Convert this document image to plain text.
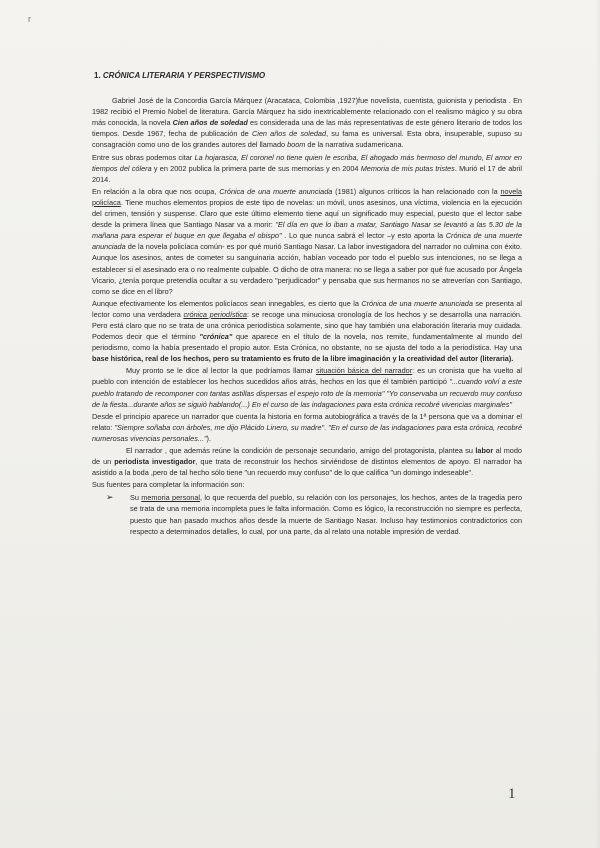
r
1. CRÓNICA LITERARIA Y PERSPECTIVISMO

Gabriel José de la Concordia García Márquez (Aracataca, Colombia ,1927)fue novelista, cuentista, guionista y periodista . En 1982 recibió el Premio Nobel de literatura. García Márquez ha sido inextricablemente relacionado con el realismo mágico y su obra más conocida, la novela Cien años de soledad es considerada una de las más representativas de este género literario de todos los tiempos. Desde 1967, fecha de publicación de Cien años de soledad, su fama es universal. Esta obra, insuperable, supuso su consagración como uno de los grandes autores del llamado boom de la narrativa sudamericana.

Entre sus obras podemos citar La hojarasca, El coronel no tiene quien le escriba, El ahogado más hermoso del mundo, El amor en tiempos del cólera y en 2002 publica la primera parte de sus memorias y en 2004 Memoria de mis putas tristes. Murió el 17 de abril 2014.

En relación a la obra que nos ocupa, Crónica de una muerte anunciada (1981) algunos críticos la han relacionado con la novela policíaca. Tiene muchos elementos propios de este tipo de novelas: un móvil, unos asesinos, una víctima, violencia en la ejecución del crimen, tensión y suspense. Claro que este último elemento tiene aquí un significado muy especial, puesto que el lector sabe desde la primera línea que Santiago Nasar va a morir: "El día en que lo iban a matar, Santiago Nasar se levantó a las 5.30 de la mañana para esperar el buque en que llegaba el obispo" . Lo que nunca sabrá el lector –y esto aporta la Crónica de una muerte anunciada de la novela policíaca común- es por qué murió Santiago Nasar. La labor investigadora del narrador no culmina con éxito. Aunque los asesinos, antes de cometer su sanguinaria acción, habían voceado por todo el pueblo sus intenciones, no se llega a establecer si el asesinado era o no realmente culpable. O dicho de otra manera: no se llega a saber por qué fue acusado por Ángela Vicario, ¿tenía porque pretendía ocultar a su verdadero "perjudicador" y pensaba que sus hermanos no se atreverían con Santiago, como se dice en el libro?

Aunque efectivamente los elementos policíacos sean innegables, es cierto que la Crónica de una muerte anunciada se presenta al lector como una verdadera crónica periodística: se recoge una minuciosa cronología de los hechos y se desarrolla una narración. Pero está claro que no se trata de una crónica periodística solamente, sino que hay también una elaboración literaria muy cuidada. Podemos decir que el término "crónica" que aparece en el título de la novela, nos remite, fundamentalmente al mundo del periodismo, como la había presentado el propio autor. Esta Crónica, no obstante, no se ajusta del todo a la periodística. Hay una base histórica, real de los hechos, pero su tratamiento es fruto de la libre imaginación y la creatividad del autor (literaria).

Muy pronto se le dice al lector la que podríamos llamar situación básica del narrador: es un cronista que ha vuelto al pueblo con intención de establecer los hechos sucedidos años atrás, hechos en los que él también participó "...cuando volví a este pueblo tratando de recomponer con tantas astillas dispersas el espejo roto de la memoria" "Yo conservaba un recuerdo muy confuso de la fiesta...durante años se siguió hablando(...) En el curso de las indagaciones para esta crónica recobré vivencias marginales"

Desde el principio aparece un narrador que cuenta la historia en forma autobiográfica a través de la 1ª persona que va a dominar el relato: "Siempre soñaba con árboles, me dijo Plácido Linero, su madre". "En el curso de las indagaciones para esta crónica, recobré numerosas vivencias personales...").

El narrador , que además reúne la condición de personaje secundario, amigo del protagonista, plantea su labor al modo de un periodista investigador, que trata de reconstruir los hechos sirviéndose de distintos elementos de apoyo. El narrador ha asistido a la boda ,pero de tal hecho sólo tiene "un recuerdo muy confuso" de lo que califica "un domingo indeseable".

Sus fuentes para completar la información son:

➢ Su memoria personal, lo que recuerda del pueblo, su relación con los personajes, los hechos, antes de la tragedia pero se trata de una memoria incompleta pues le falta información. Como es lógico, la reconstrucción no siempre es perfecta, puesto que han pasado muchos años desde la muerte de Santiago Nasar. Incluso hay testimonios contradictorios con respecto a determinados detalles, lo cual, por una parte, da al relato una notable impresión de verdad.
1
